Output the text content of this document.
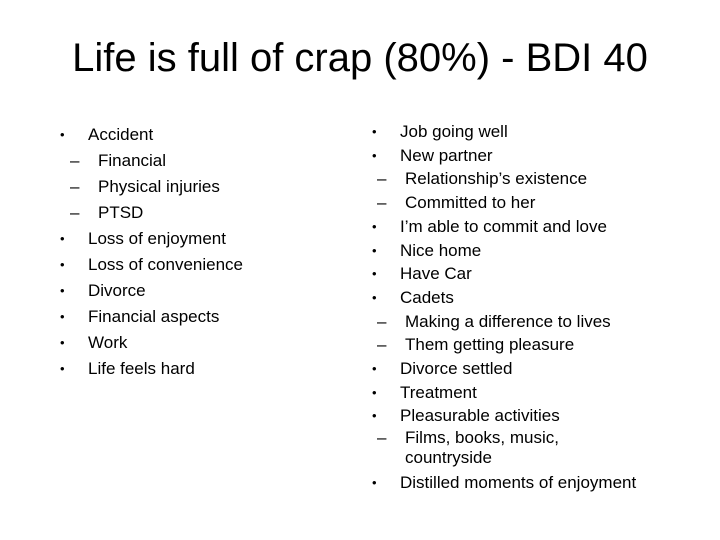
Life is full of crap (80%) - BDI 40
• Accident
– Financial
– Physical injuries
– PTSD
• Loss of enjoyment
• Loss of convenience
• Divorce
• Financial aspects
• Work
• Life feels hard
• Job going well
• New partner
– Relationship’s existence
– Committed to her
• I’m able to commit and love
• Nice home
• Have Car
• Cadets
– Making a difference to lives
– Them getting pleasure
• Divorce settled
• Treatment
• Pleasurable activities
– Films, books, music, countryside
• Distilled moments of enjoyment
